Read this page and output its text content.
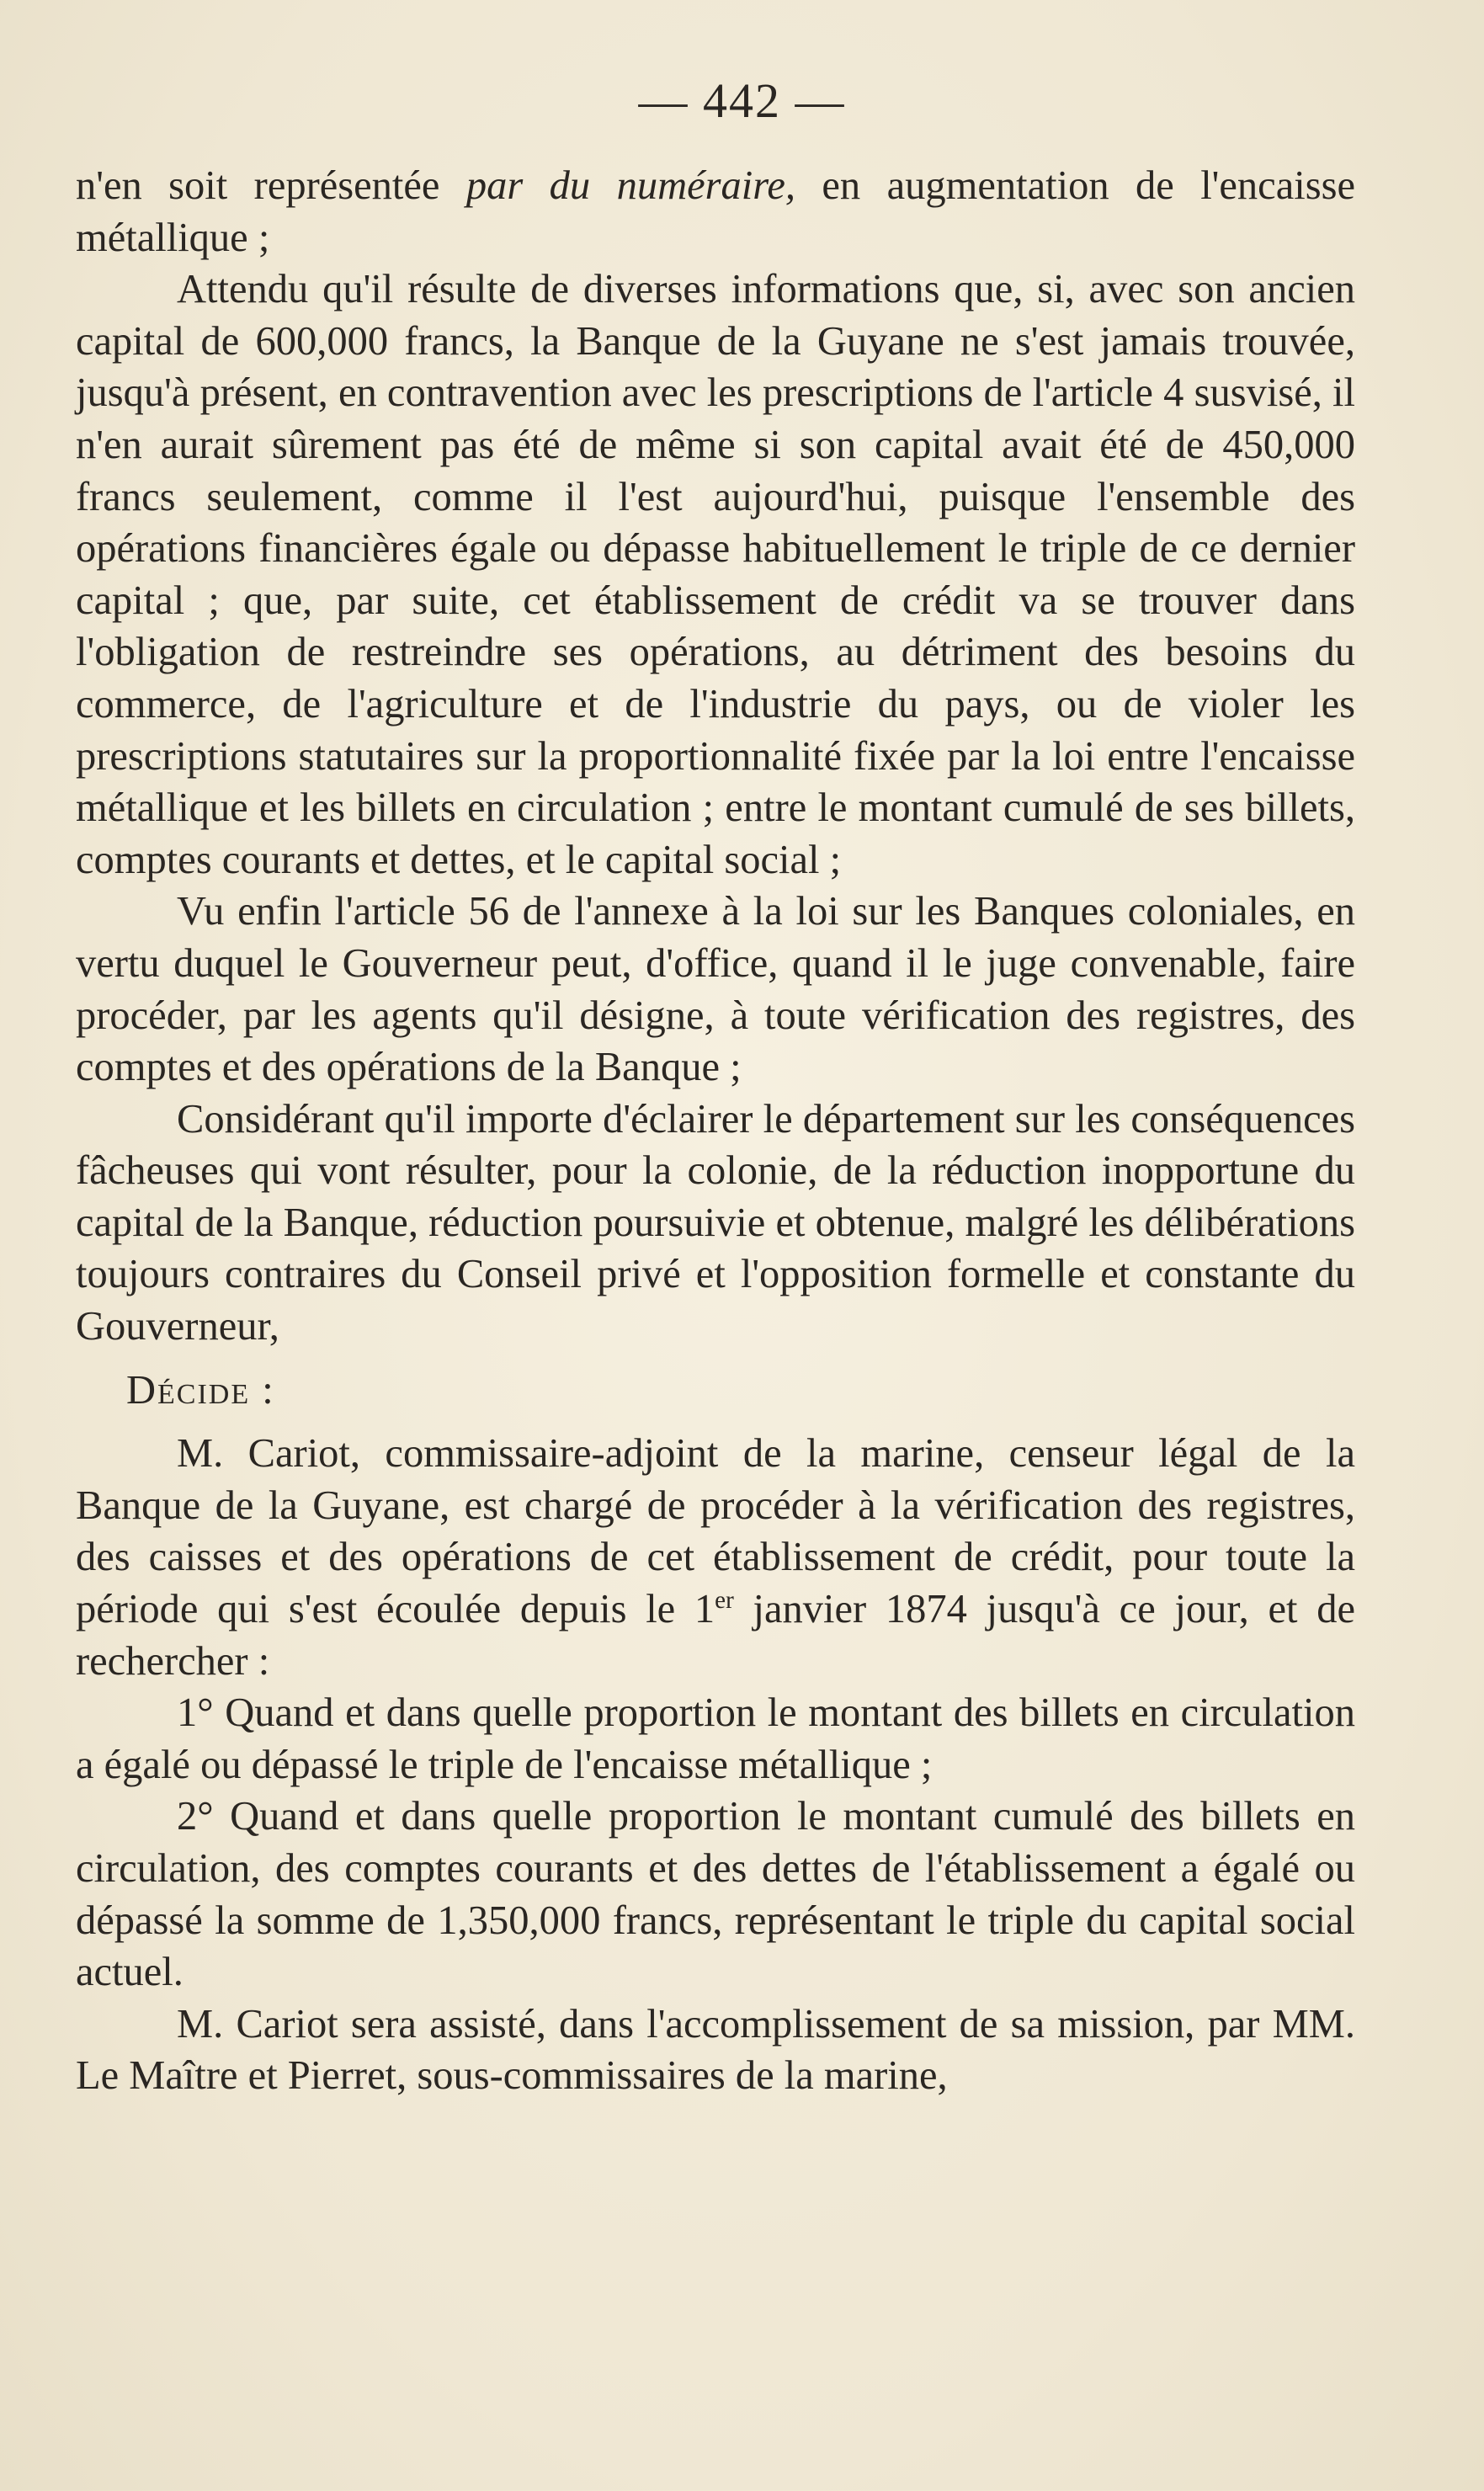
— 442 —

n'en soit représentée par du numéraire, en augmentation de l'encaisse métallique ;

Attendu qu'il résulte de diverses informations que, si, avec son ancien capital de 600,000 francs, la Banque de la Guyane ne s'est jamais trouvée, jusqu'à présent, en contravention avec les prescriptions de l'article 4 susvisé, il n'en aurait sûrement pas été de même si son capital avait été de 450,000 francs seulement, comme il l'est aujourd'hui, puisque l'ensemble des opérations financières égale ou dépasse habituellement le triple de ce dernier capital ; que, par suite, cet établissement de crédit va se trouver dans l'obligation de restreindre ses opérations, au détriment des besoins du commerce, de l'agriculture et de l'industrie du pays, ou de violer les prescriptions statutaires sur la proportionnalité fixée par la loi entre l'encaisse métallique et les billets en circulation ; entre le montant cumulé de ses billets, comptes courants et dettes, et le capital social ;

Vu enfin l'article 56 de l'annexe à la loi sur les Banques coloniales, en vertu duquel le Gouverneur peut, d'office, quand il le juge convenable, faire procéder, par les agents qu'il désigne, à toute vérification des registres, des comptes et des opérations de la Banque ;

Considérant qu'il importe d'éclairer le département sur les conséquences fâcheuses qui vont résulter, pour la colonie, de la réduction inopportune du capital de la Banque, réduction poursuivie et obtenue, malgré les délibérations toujours contraires du Conseil privé et l'opposition formelle et constante du Gouverneur,

Décide :

M. Cariot, commissaire-adjoint de la marine, censeur légal de la Banque de la Guyane, est chargé de procéder à la vérification des registres, des caisses et des opérations de cet établissement de crédit, pour toute la période qui s'est écoulée depuis le 1er janvier 1874 jusqu'à ce jour, et de rechercher :

1° Quand et dans quelle proportion le montant des billets en circulation a égalé ou dépassé le triple de l'encaisse métallique ;

2° Quand et dans quelle proportion le montant cumulé des billets en circulation, des comptes courants et des dettes de l'établissement a égalé ou dépassé la somme de 1,350,000 francs, représentant le triple du capital social actuel.

M. Cariot sera assisté, dans l'accomplissement de sa mission, par MM. Le Maître et Pierret, sous-commissaires de la marine,
